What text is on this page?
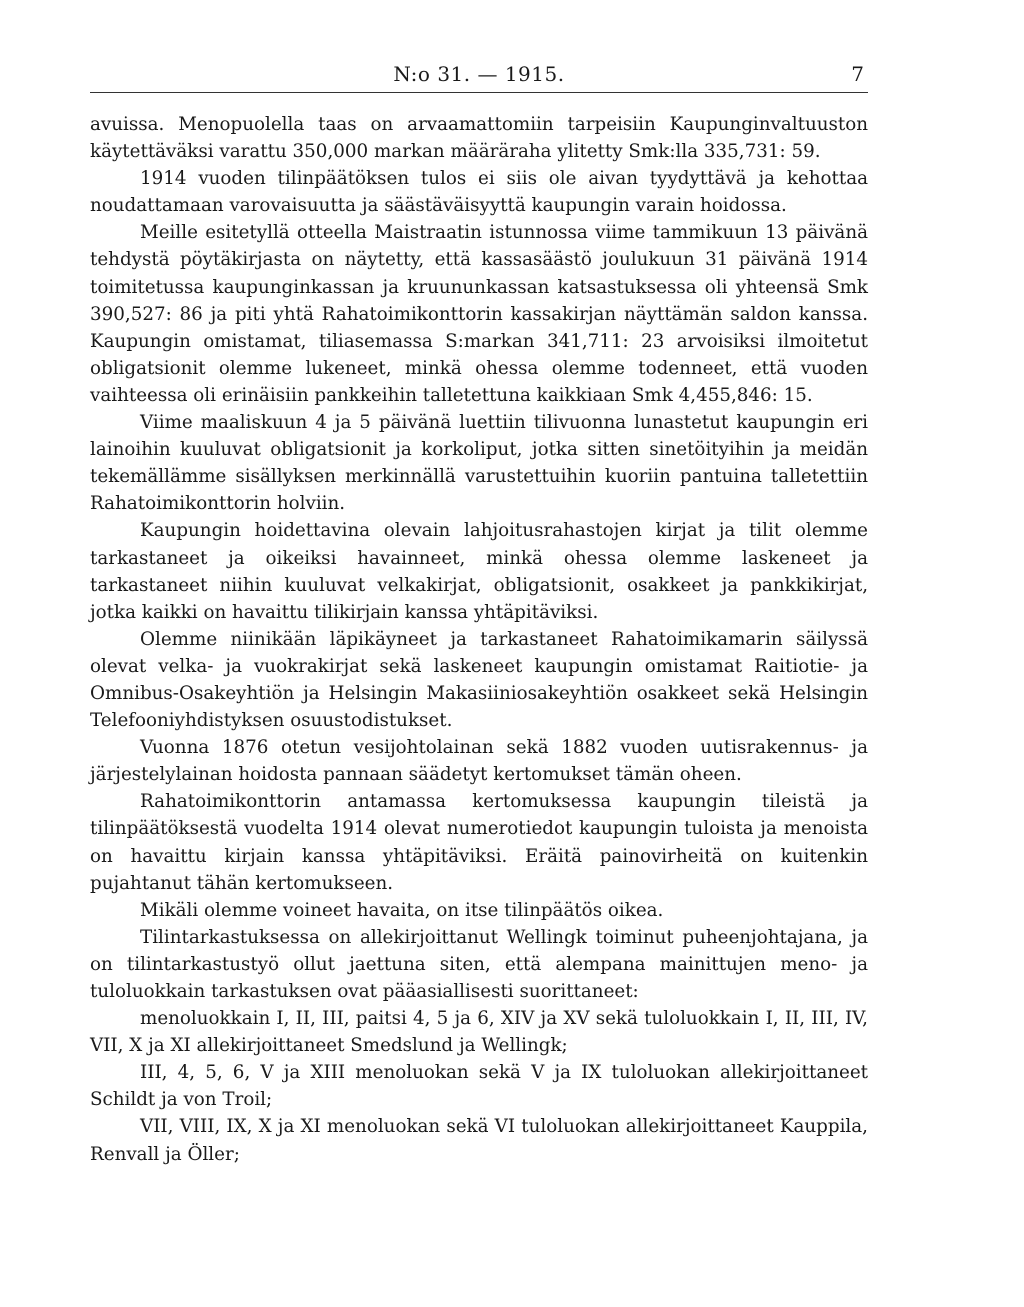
N:o 31. — 1915.	7

avuissa. Menopuolella taas on arvaamattomiin tarpeisiin Kaupunginvaltuuston käytettäväksi varattu 350,000 markan määräraha ylitetty Smk:lla 335,731: 59.

1914 vuoden tilinpäätöksen tulos ei siis ole aivan tyydyttävä ja kehottaa noudattamaan varovaisuutta ja säästäväisyyttä kaupungin varain hoidossa.

Meille esitetyllä otteella Maistraatin istunnossa viime tammikuun 13 päivänä tehdystä pöytäkirjasta on näytetty, että kassasäästö joulukuun 31 päivänä 1914 toimitetussa kaupunginkassan ja kruununkassan katsastuksessa oli yhteensä Smk 390,527: 86 ja piti yhtä Rahatoimikonttorin kassakirjan näyttämän saldon kanssa. Kaupungin omistamat, tiliasemassa S:markan 341,711: 23 arvoisiksi ilmoitetut obligatsionit olemme lukeneet, minkä ohessa olemme todenneet, että vuoden vaihteessa oli erinäisiin pankkeihin talletettuna kaikkiaan Smk 4,455,846: 15.

Viime maaliskuun 4 ja 5 päivänä luettiin tilivuonna lunastetut kaupungin eri lainoihin kuuluvat obligatsionit ja korkoliput, jotka sitten sinetöityihin ja meidän tekemällämme sisällyksen merkinnällä varustettuihin kuoriin pantuina talletettiin Rahatoimikonttorin holviin.

Kaupungin hoidettavina olevain lahjoitusrahastojen kirjat ja tilit olemme tarkastaneet ja oikeiksi havainneet, minkä ohessa olemme laskeneet ja tarkastaneet niihin kuuluvat velkakirjat, obligatsionit, osakkeet ja pankkikirjat, jotka kaikki on havaittu tilikirjain kanssa yhtäpitäviksi.

Olemme niinikään läpikäyneet ja tarkastaneet Rahatoimikamarin säilyssä olevat velka- ja vuokrakirjat sekä laskeneet kaupungin omistamat Raitiotie- ja Omnibus-Osakeyhtiön ja Helsingin Makasiiniosakeyhtiön osakkeet sekä Helsingin Telefooniyhdistyksen osuustodistukset.

Vuonna 1876 otetun vesijohtolainan sekä 1882 vuoden uutisrakennus- ja järjestelylainan hoidosta pannaan säädetyt kertomukset tämän oheen.

Rahatoimikonttorin antamassa kertomuksessa kaupungin tileistä ja tilinpäätöksestä vuodelta 1914 olevat numerotiedot kaupungin tuloista ja menoista on havaittu kirjain kanssa yhtäpitäviksi. Eräitä painovirheitä on kuitenkin pujahtanut tähän kertomukseen.

Mikäli olemme voineet havaita, on itse tilinpäätös oikea.

Tilintarkastuksessa on allekirjoittanut Wellingk toiminut puheenjohtajana, ja on tilintarkastustyö ollut jaettuna siten, että alempana mainittujen meno- ja tuloluokkain tarkastuksen ovat pääasiallisesti suorittaneet:

menoluokkain I, II, III, paitsi 4, 5 ja 6, XIV ja XV sekä tuloluokkain I, II, III, IV, VII, X ja XI allekirjoittaneet Smedslund ja Wellingk;

III, 4, 5, 6, V ja XIII menoluokan sekä V ja IX tuloluokan allekirjoittaneet Schildt ja von Troil;

VII, VIII, IX, X ja XI menoluokan sekä VI tuloluokan allekirjoittaneet Kauppila, Renvall ja Öller;
